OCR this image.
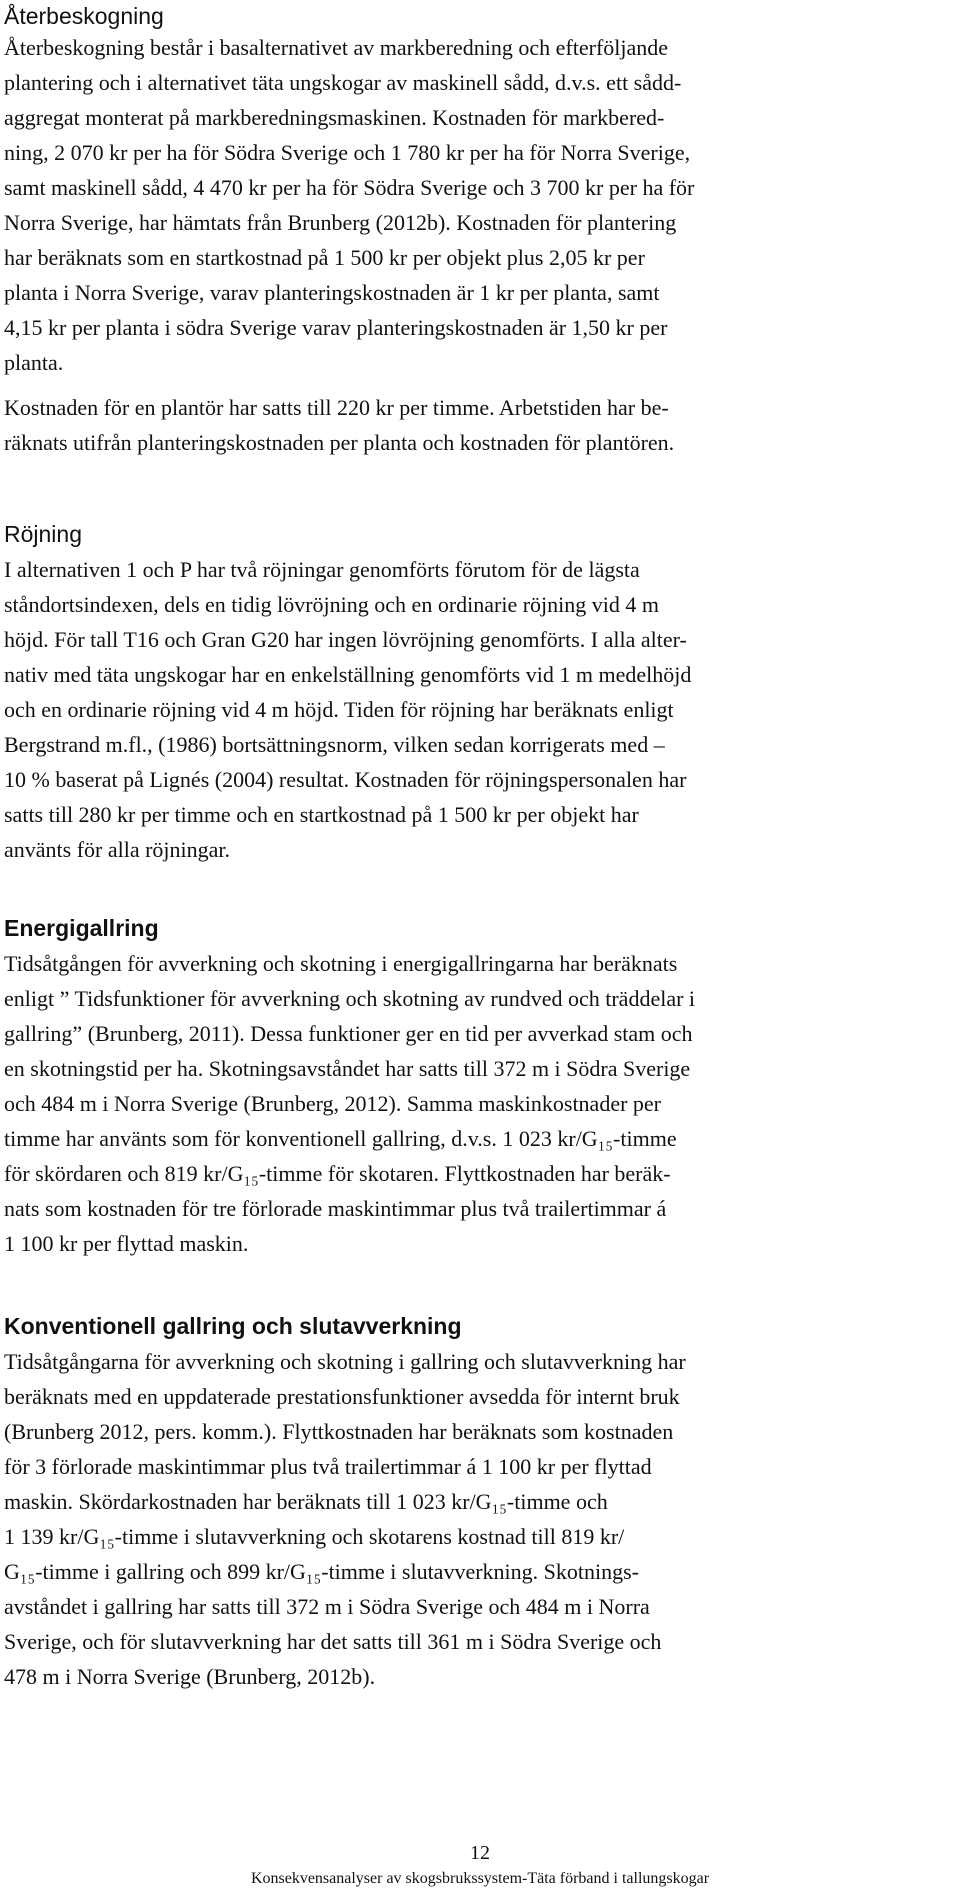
Återbeskogning

Återbeskogning består i basalternativet av markberedning och efterföljande
plantering och i alternativet täta ungskogar av maskinell sådd, d.v.s. ett sådd-
aggregat monterat på markberedningsmaskinen. Kostnaden för markbered-
ning, 2 070 kr per ha för Södra Sverige och 1 780 kr per ha för Norra Sverige,
samt maskinell sådd, 4 470 kr per ha för Södra Sverige och 3 700 kr per ha för
Norra Sverige, har hämtats från Brunberg (2012b). Kostnaden för plantering
har beräknats som en startkostnad på 1 500 kr per objekt plus 2,05 kr per
planta i Norra Sverige, varav planteringskostnaden är 1 kr per planta, samt
4,15 kr per planta i södra Sverige varav planteringskostnaden är 1,50 kr per
planta.

Kostnaden för en plantör har satts till 220 kr per timme. Arbetstiden har be-
räknats utifrån planteringskostnaden per planta och kostnaden för plantören.

Röjning

I alternativen 1 och P har två röjningar genomförts förutom för de lägsta
ståndortsindexen, dels en tidig lövröjning och en ordinarie röjning vid 4 m
höjd. För tall T16 och Gran G20 har ingen lövröjning genomförts. I alla alter-
nativ med täta ungskogar har en enkelställning genomförts vid 1 m medelhöjd
och en ordinarie röjning vid 4 m höjd. Tiden för röjning har beräknats enligt
Bergstrand m.fl., (1986) bortsättningsnorm, vilken sedan korrigerats med –
10 % baserat på Lignés (2004) resultat. Kostnaden för röjningspersonalen har
satts till 280 kr per timme och en startkostnad på 1 500 kr per objekt har
använts för alla röjningar.

Energigallring

Tidsåtgången för avverkning och skotning i energigallringarna har beräknats
enligt ” Tidsfunktioner för avverkning och skotning av rundved och träddelar i
gallring” (Brunberg, 2011). Dessa funktioner ger en tid per avverkad stam och
en skotningstid per ha. Skotningsavståndet har satts till 372 m i Södra Sverige
och 484 m i Norra Sverige (Brunberg, 2012). Samma maskinkostnader per
timme har använts som för konventionell gallring, d.v.s. 1 023 kr/G₁₅-timme
för skördaren och 819 kr/G₁₅-timme för skotaren. Flyttkostnaden har beräk-
nats som kostnaden för tre förlorade maskintimmar plus två trailertimmar á
1 100 kr per flyttad maskin.

Konventionell gallring och slutavverkning

Tidsåtgångarna för avverkning och skotning i gallring och slutavverkning har
beräknats med en uppdaterade prestationsfunktioner avsedda för internt bruk
(Brunberg 2012, pers. komm.). Flyttkostnaden har beräknats som kostnaden
för 3 förlorade maskintimmar plus två trailertimmar á 1 100 kr per flyttad
maskin. Skördarkostnaden har beräknats till 1 023 kr/G₁₅-timme och
1 139 kr/G₁₅-timme i slutavverkning och skotarens kostnad till 819 kr/
G₁₅-timme i gallring och 899 kr/G₁₅-timme i slutavverkning. Skotnings-
avståndet i gallring har satts till 372 m i Södra Sverige och 484 m i Norra
Sverige, och för slutavverkning har det satts till 361 m i Södra Sverige och
478 m i Norra Sverige (Brunberg, 2012b).

12
Konsekvensanalyser av skogsbrukssystem-Täta förband i tallungskogar
